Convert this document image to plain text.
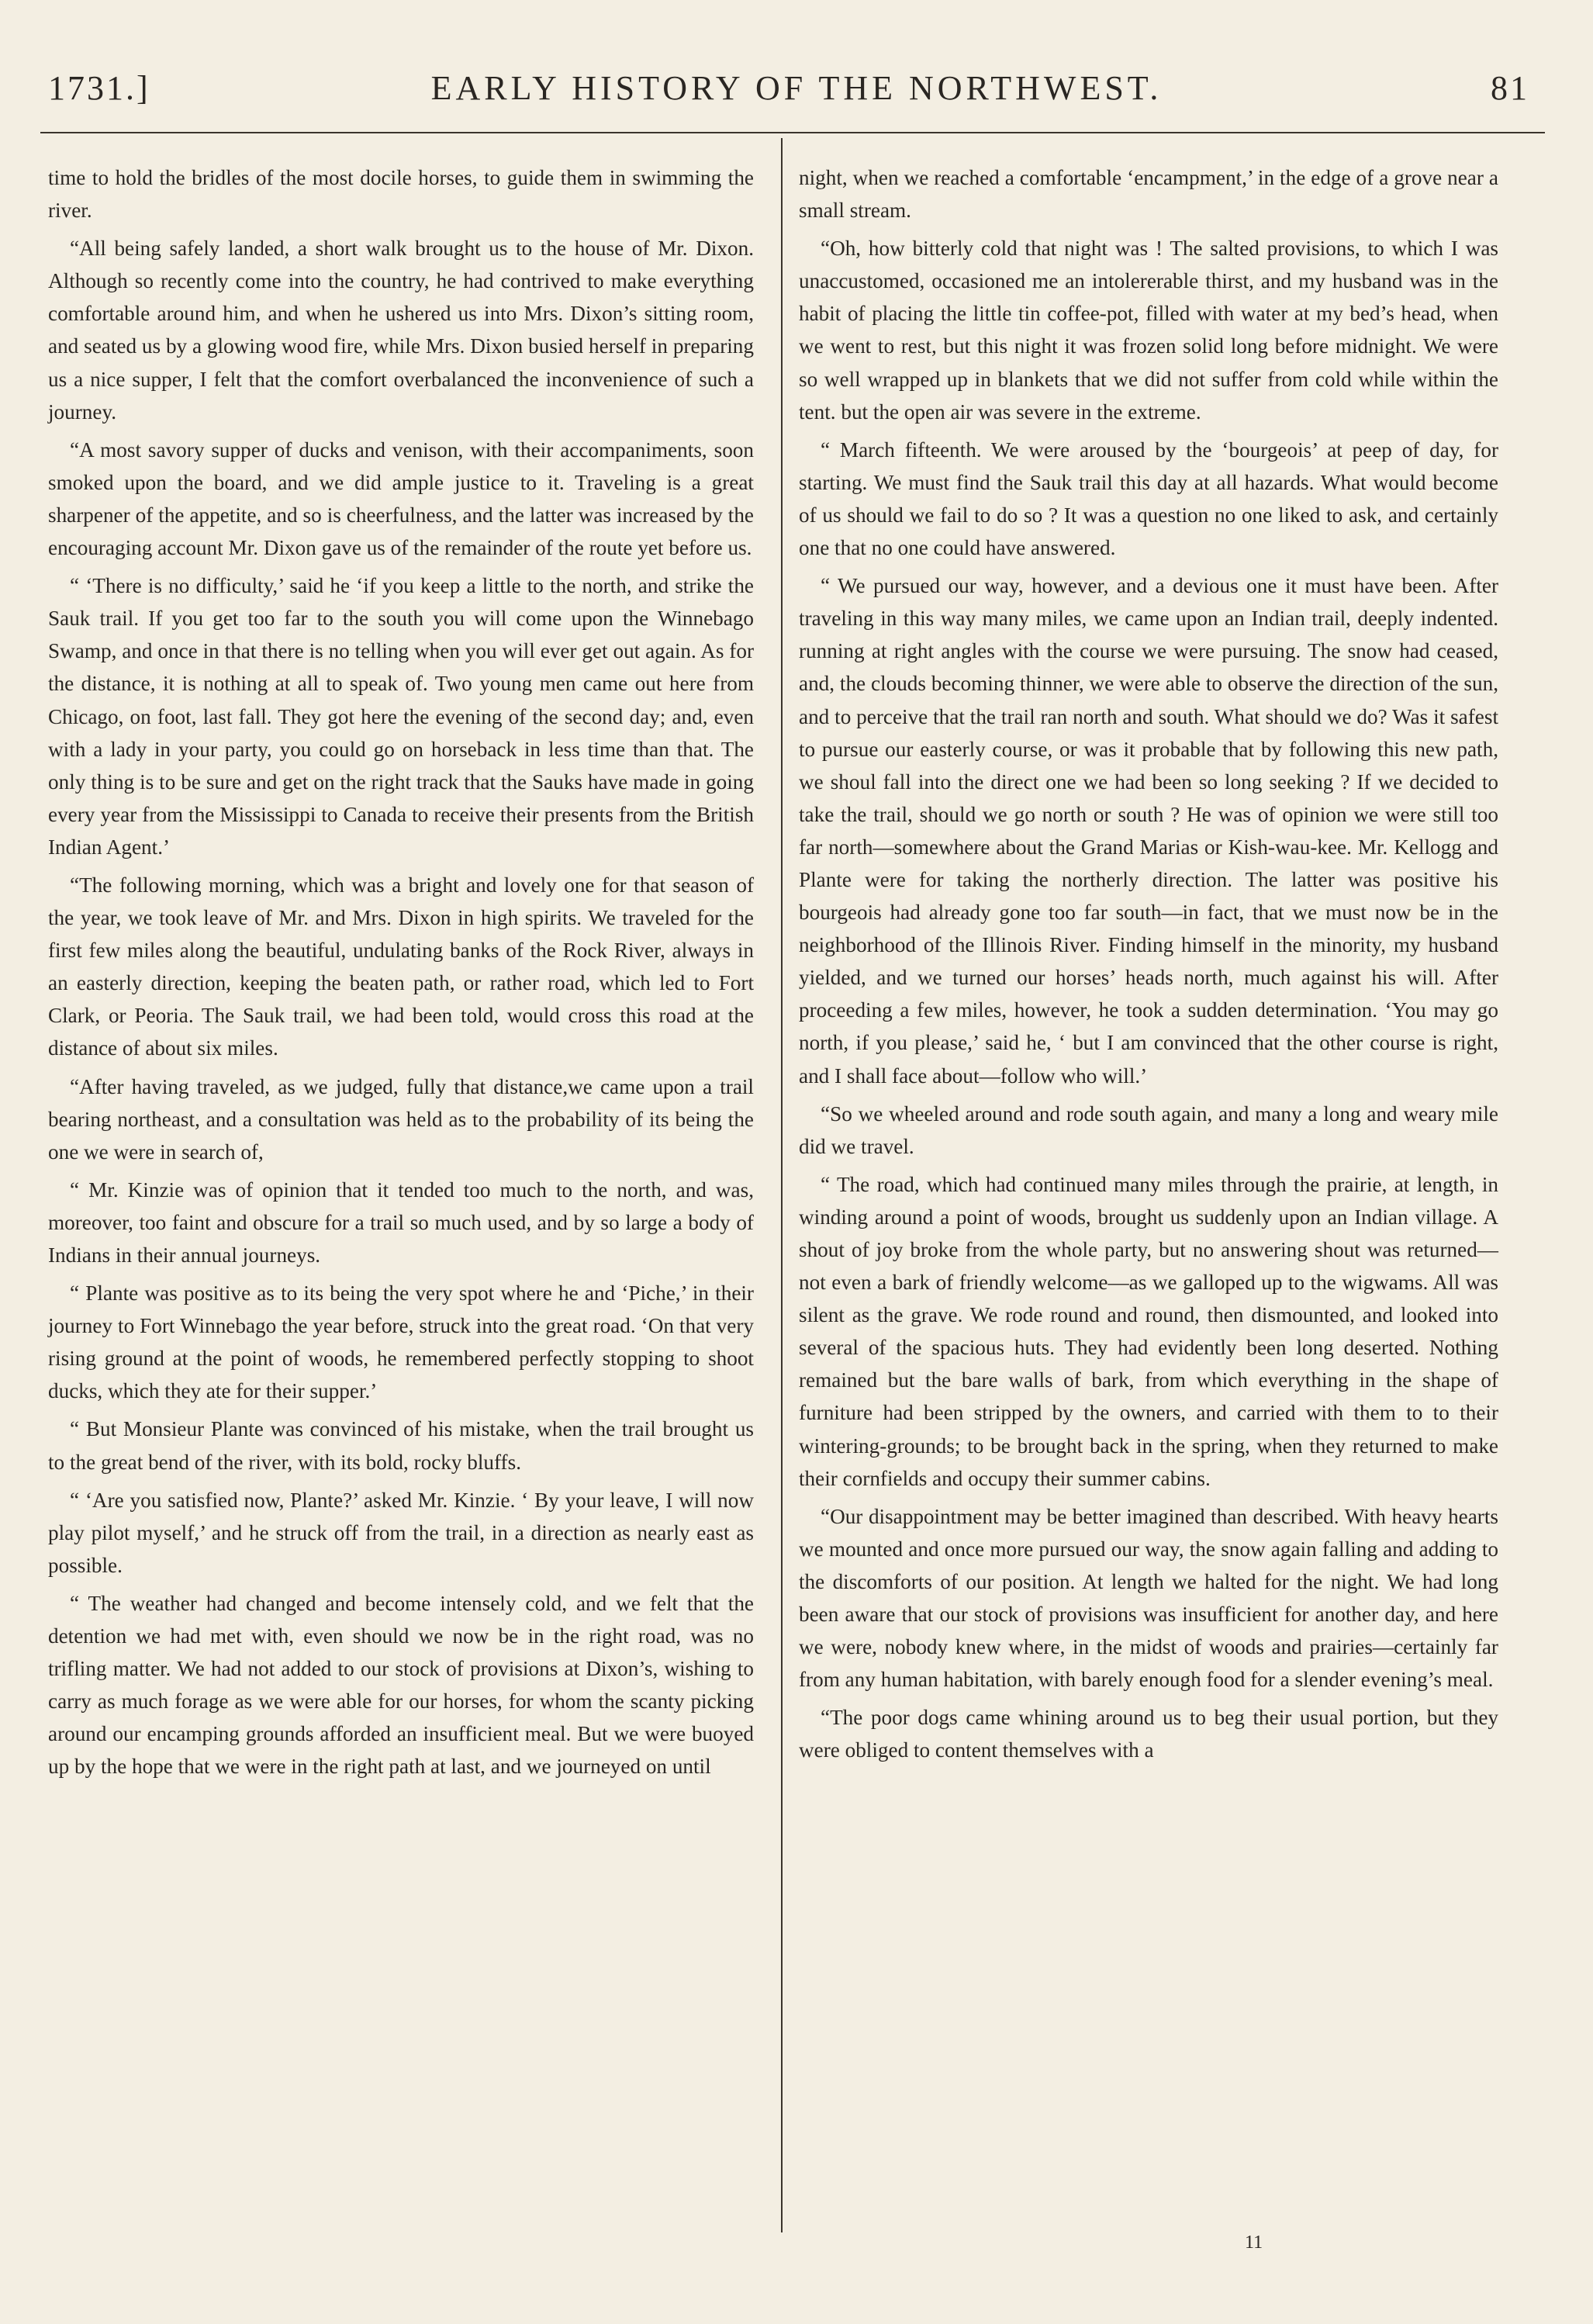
1731.]	EARLY HISTORY OF THE NORTHWEST.	81

time to hold the bridles of the most docile horses, to guide them in swimming the river.

“All being safely landed, a short walk brought us to the house of Mr. Dixon. Although so recently come into the country, he had contrived to make everything comfortable around him, and when he ushered us into Mrs. Dixon’s sitting room, and seated us by a glowing wood fire, while Mrs. Dixon busied herself in preparing us a nice supper, I felt that the comfort overbalanced the inconvenience of such a journey.

“A most savory supper of ducks and venison, with their accompaniments, soon smoked upon the board, and we did ample justice to it. Traveling is a great sharpener of the appetite, and so is cheerfulness, and the latter was increased by the encouraging account Mr. Dixon gave us of the remainder of the route yet before us.

“ ‘There is no difficulty,’ said he ‘if you keep a little to the north, and strike the Sauk trail. If you get too far to the south you will come upon the Winnebago Swamp, and once in that there is no telling when you will ever get out again. As for the distance, it is nothing at all to speak of. Two young men came out here from Chicago, on foot, last fall. They got here the evening of the second day; and, even with a lady in your party, you could go on horseback in less time than that. The only thing is to be sure and get on the right track that the Sauks have made in going every year from the Mississippi to Canada to receive their presents from the British Indian Agent.’

“The following morning, which was a bright and lovely one for that season of the year, we took leave of Mr. and Mrs. Dixon in high spirits. We traveled for the first few miles along the beautiful, undulating banks of the Rock River, always in an easterly direction, keeping the beaten path, or rather road, which led to Fort Clark, or Peoria. The Sauk trail, we had been told, would cross this road at the distance of about six miles.

“After having traveled, as we judged, fully that distance,we came upon a trail bearing northeast, and a consultation was held as to the probability of its being the one we were in search of,

“ Mr. Kinzie was of opinion that it tended too much to the north, and was, moreover, too faint and obscure for a trail so much used, and by so large a body of Indians in their annual journeys.

“ Plante was positive as to its being the very spot where he and ‘Piche,’ in their journey to Fort Winnebago the year before, struck into the great road. ‘On that very rising ground at the point of woods, he remembered perfectly stopping to shoot ducks, which they ate for their supper.’

“ But Monsieur Plante was convinced of his mistake, when the trail brought us to the great bend of the river, with its bold, rocky bluffs.

“ ‘Are you satisfied now, Plante?’ asked Mr. Kinzie. ‘ By your leave, I will now play pilot myself,’ and he struck off from the trail, in a direction as nearly east as possible.

“ The weather had changed and become intensely cold, and we felt that the detention we had met with, even should we now be in the right road, was no trifling matter. We had not added to our stock of provisions at Dixon’s, wishing to carry as much forage as we were able for our horses, for whom the scanty picking around our encamping grounds afforded an insufficient meal. But we were buoyed up by the hope that we were in the right path at last, and we journeyed on until

night, when we reached a comfortable ‘encampment,’ in the edge of a grove near a small stream.

“Oh, how bitterly cold that night was ! The salted provisions, to which I was unaccustomed, occasioned me an intolererable thirst, and my husband was in the habit of placing the little tin coffee-pot, filled with water at my bed’s head, when we went to rest, but this night it was frozen solid long before midnight. We were so well wrapped up in blankets that we did not suffer from cold while within the tent. but the open air was severe in the extreme.

“ March fifteenth. We were aroused by the ‘bourgeois’ at peep of day, for starting. We must find the Sauk trail this day at all hazards. What would become of us should we fail to do so ? It was a question no one liked to ask, and certainly one that no one could have answered.

“ We pursued our way, however, and a devious one it must have been. After traveling in this way many miles, we came upon an Indian trail, deeply indented. running at right angles with the course we were pursuing. The snow had ceased, and, the clouds becoming thinner, we were able to observe the direction of the sun, and to perceive that the trail ran north and south. What should we do? Was it safest to pursue our easterly course, or was it probable that by following this new path, we shoul fall into the direct one we had been so long seeking ? If we decided to take the trail, should we go north or south ? He was of opinion we were still too far north—somewhere about the Grand Marias or Kish-wau-kee. Mr. Kellogg and Plante were for taking the northerly direction. The latter was positive his bourgeois had already gone too far south—in fact, that we must now be in the neighborhood of the Illinois River. Finding himself in the minority, my husband yielded, and we turned our horses’ heads north, much against his will. After proceeding a few miles, however, he took a sudden determination. ‘You may go north, if you please,’ said he, ‘ but I am convinced that the other course is right, and I shall face about—follow who will.’

“So we wheeled around and rode south again, and many a long and weary mile did we travel.

“ The road, which had continued many miles through the prairie, at length, in winding around a point of woods, brought us suddenly upon an Indian village. A shout of joy broke from the whole party, but no answering shout was returned—not even a bark of friendly welcome—as we galloped up to the wigwams. All was silent as the grave. We rode round and round, then dismounted, and looked into several of the spacious huts. They had evidently been long deserted. Nothing remained but the bare walls of bark, from which everything in the shape of furniture had been stripped by the owners, and carried with them to to their wintering-grounds; to be brought back in the spring, when they returned to make their cornfields and occupy their summer cabins.

“Our disappointment may be better imagined than described. With heavy hearts we mounted and once more pursued our way, the snow again falling and adding to the discomforts of our position. At length we halted for the night. We had long been aware that our stock of provisions was insufficient for another day, and here we were, nobody knew where, in the midst of woods and prairies—certainly far from any human habitation, with barely enough food for a slender evening’s meal.

“The poor dogs came whining around us to beg their usual portion, but they were obliged to content themselves with a

11
